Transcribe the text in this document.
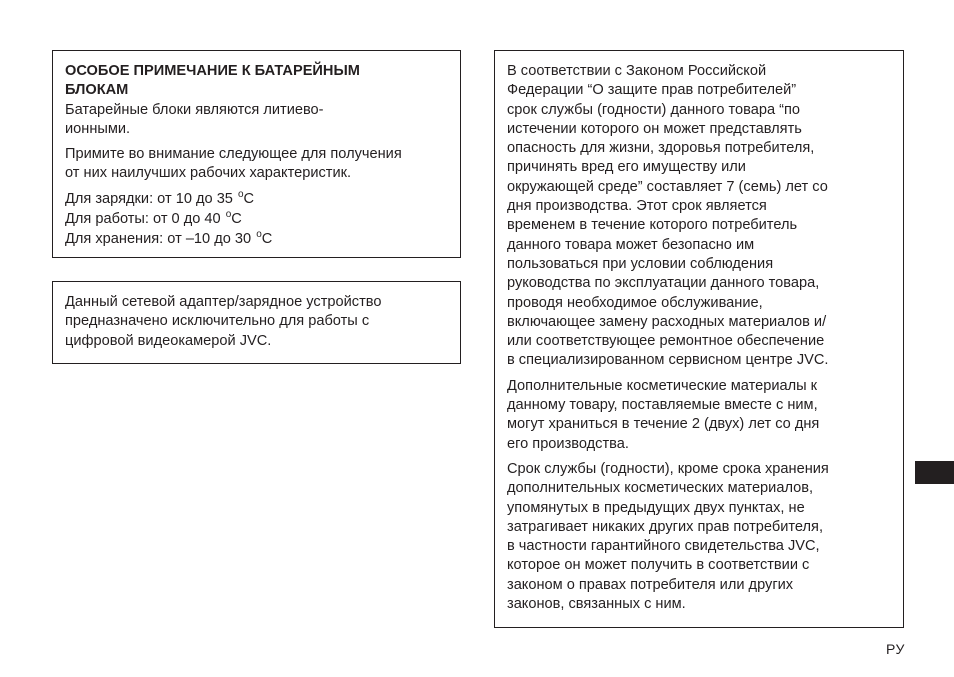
ОСОБОЕ ПРИМЕЧАНИЕ К БАТАРЕЙНЫМ
БЛОКАМ

Батарейные блоки являются литиево-
ионными.

Примите во внимание следующее для получения
от них наилучших рабочих характеристик.

Для зарядки: от 10 до 35 $^o$C
Для работы: от 0 до 40 $^o$C
Для хранения: от –10 до 30 $^o$C

Данный сетевой адаптер/зарядное устройство
предназначено исключительно для работы с
цифровой видеокамерой JVC.

В соответствии с Законом Российской
Федерации “О защите прав потребителей”
срок службы (годности) данного товара “по
истечении которого он может представлять
опасность для жизни, здоровья потребителя,
причинять вред его имуществу или
окружающей среде” составляет 7 (семь) лет со
дня производства. Этот срок является
временем в течение которого потребитель
данного товара может безопасно им
пользоваться при условии соблюдения
руководства по эксплуатации данного товара,
проводя необходимое обслуживание,
включающее замену расходных материалов и/
или соответствующее ремонтное обеспечение
в специализированном сервисном центре JVC.

Дополнительные косметические материалы к
данному товару, поставляемые вместе с ним,
могут храниться в течение 2 (двух) лет со дня
его производства.

Срок службы (годности), кроме срока хранения
дополнительных косметических материалов,
упомянутых в предыдущих двух пунктах, не
затрагивает никаких других прав потребителя,
в частности гарантийного свидетельства JVC,
которое он может получить в соответствии с
законом о правах потребителя или других
законов, связанных с ним.

РУ
